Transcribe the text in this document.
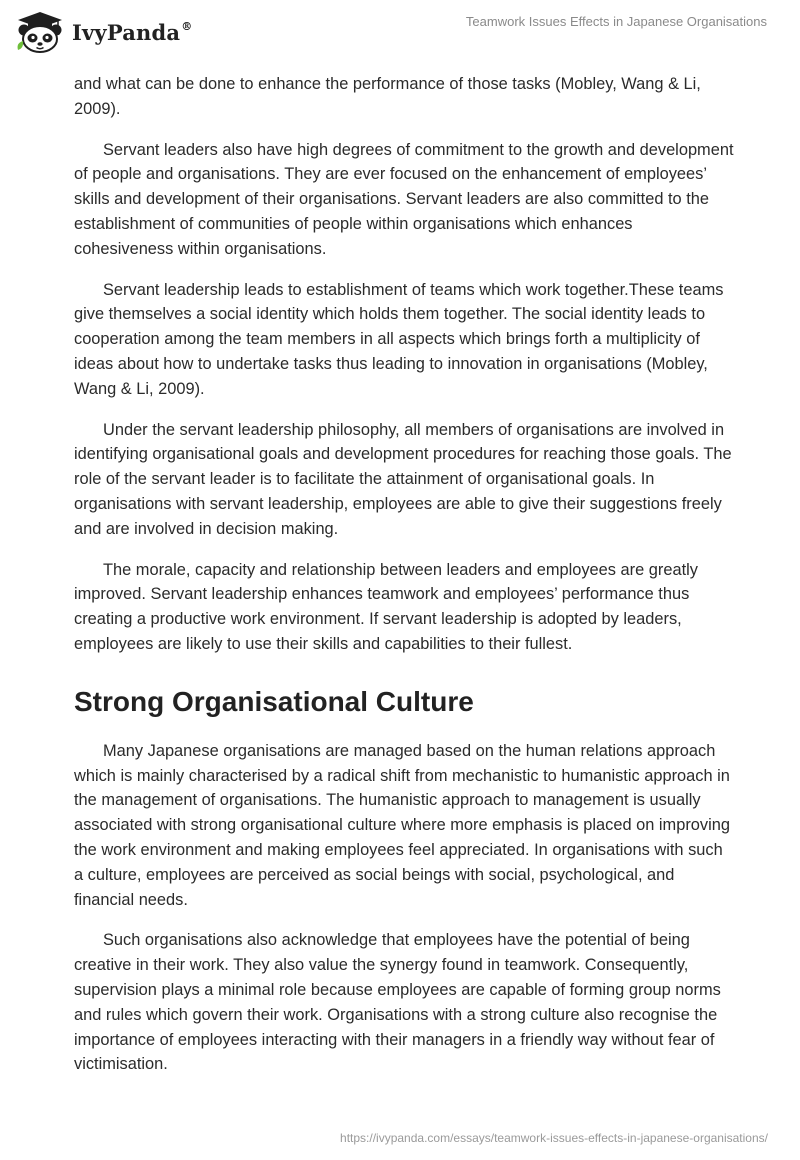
IvyPanda®	Teamwork Issues Effects in Japanese Organisations

and what can be done to enhance the performance of those tasks (Mobley, Wang & Li, 2009).

Servant leaders also have high degrees of commitment to the growth and development of people and organisations. They are ever focused on the enhancement of employees’ skills and development of their organisations. Servant leaders are also committed to the establishment of communities of people within organisations which enhances cohesiveness within organisations.

Servant leadership leads to establishment of teams which work together.These teams give themselves a social identity which holds them together. The social identity leads to cooperation among the team members in all aspects which brings forth a multiplicity of ideas about how to undertake tasks thus leading to innovation in organisations (Mobley, Wang & Li, 2009).

Under the servant leadership philosophy, all members of organisations are involved in identifying organisational goals and development procedures for reaching those goals. The role of the servant leader is to facilitate the attainment of organisational goals. In organisations with servant leadership, employees are able to give their suggestions freely and are involved in decision making.

The morale, capacity and relationship between leaders and employees are greatly improved. Servant leadership enhances teamwork and employees’ performance thus creating a productive work environment. If servant leadership is adopted by leaders, employees are likely to use their skills and capabilities to their fullest.

Strong Organisational Culture

Many Japanese organisations are managed based on the human relations approach which is mainly characterised by a radical shift from mechanistic to humanistic approach in the management of organisations. The humanistic approach to management is usually associated with strong organisational culture where more emphasis is placed on improving the work environment and making employees feel appreciated. In organisations with such a culture, employees are perceived as social beings with social, psychological, and financial needs.

Such organisations also acknowledge that employees have the potential of being creative in their work. They also value the synergy found in teamwork. Consequently, supervision plays a minimal role because employees are capable of forming group norms and rules which govern their work. Organisations with a strong culture also recognise the importance of employees interacting with their managers in a friendly way without fear of victimisation.

https://ivypanda.com/essays/teamwork-issues-effects-in-japanese-organisations/
